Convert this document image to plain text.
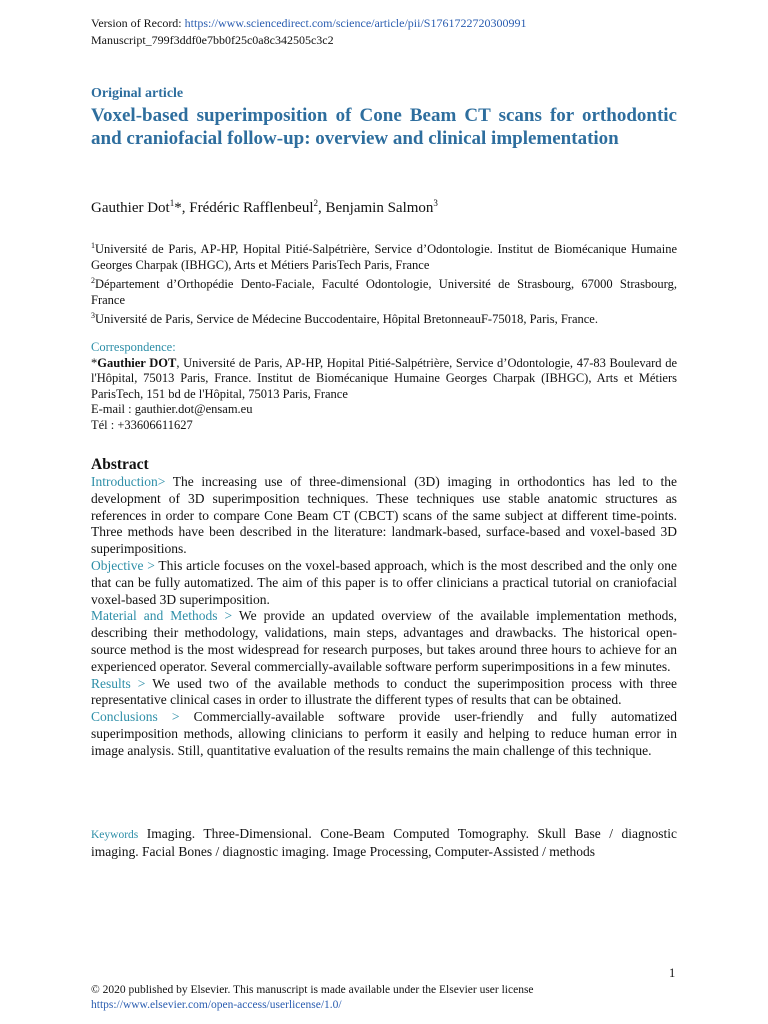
Version of Record: https://www.sciencedirect.com/science/article/pii/S1761722720300991
Manuscript_799f3ddf0e7bb0f25c0a8c342505c3c2
Original article
Voxel-based superimposition of Cone Beam CT scans for orthodontic and craniofacial follow-up: overview and clinical implementation
Gauthier Dot$^1$*, Frédéric Rafflenbeul$^2$, Benjamin Salmon$^3$

$^1$Université de Paris, AP-HP, Hopital Pitié-Salpétrière, Service d’Odontologie. Institut de Biomécanique Humaine Georges Charpak (IBHGC), Arts et Métiers ParisTech Paris, France

$^2$Département d’Orthopédie Dento-Faciale, Faculté Odontologie, Université de Strasbourg, 67000 Strasbourg, France

$^3$Université de Paris, Service de Médecine Buccodentaire, Hôpital BretonneauF-75018, Paris, France.

Correspondence:

*Gauthier DOT, Université de Paris, AP-HP, Hopital Pitié-Salpétrière, Service d’Odontologie, 47-83 Boulevard de l'Hôpital, 75013 Paris, France. Institut de Biomécanique Humaine Georges Charpak (IBHGC), Arts et Métiers ParisTech, 151 bd de l'Hôpital, 75013 Paris, France

E-mail : gauthier.dot@ensam.eu

Tél : +33606611627

Abstract

Introduction> The increasing use of three-dimensional (3D) imaging in orthodontics has led to the development of 3D superimposition techniques. These techniques use stable anatomic structures as references in order to compare Cone Beam CT (CBCT) scans of the same subject at different time-points. Three methods have been described in the literature: landmark-based, surface-based and voxel-based 3D superimpositions.

Objective > This article focuses on the voxel-based approach, which is the most described and the only one that can be fully automatized. The aim of this paper is to offer clinicians a practical tutorial on craniofacial voxel-based 3D superimposition.

Material and Methods > We provide an updated overview of the available implementation methods, describing their methodology, validations, main steps, advantages and drawbacks. The historical open-source method is the most widespread for research purposes, but takes around three hours to achieve for an experienced operator. Several commercially-available software perform superimpositions in a few minutes.

Results > We used two of the available methods to conduct the superimposition process with three representative clinical cases in order to illustrate the different types of results that can be obtained.

Conclusions > Commercially-available software provide user-friendly and fully automatized superimposition methods, allowing clinicians to perform it easily and helping to reduce human error in image analysis. Still, quantitative evaluation of the results remains the main challenge of this technique.

Keywords Imaging. Three-Dimensional. Cone-Beam Computed Tomography. Skull Base / diagnostic imaging. Facial Bones / diagnostic imaging. Image Processing, Computer-Assisted / methods

1
© 2020 published by Elsevier. This manuscript is made available under the Elsevier user license
https://www.elsevier.com/open-access/userlicense/1.0/
